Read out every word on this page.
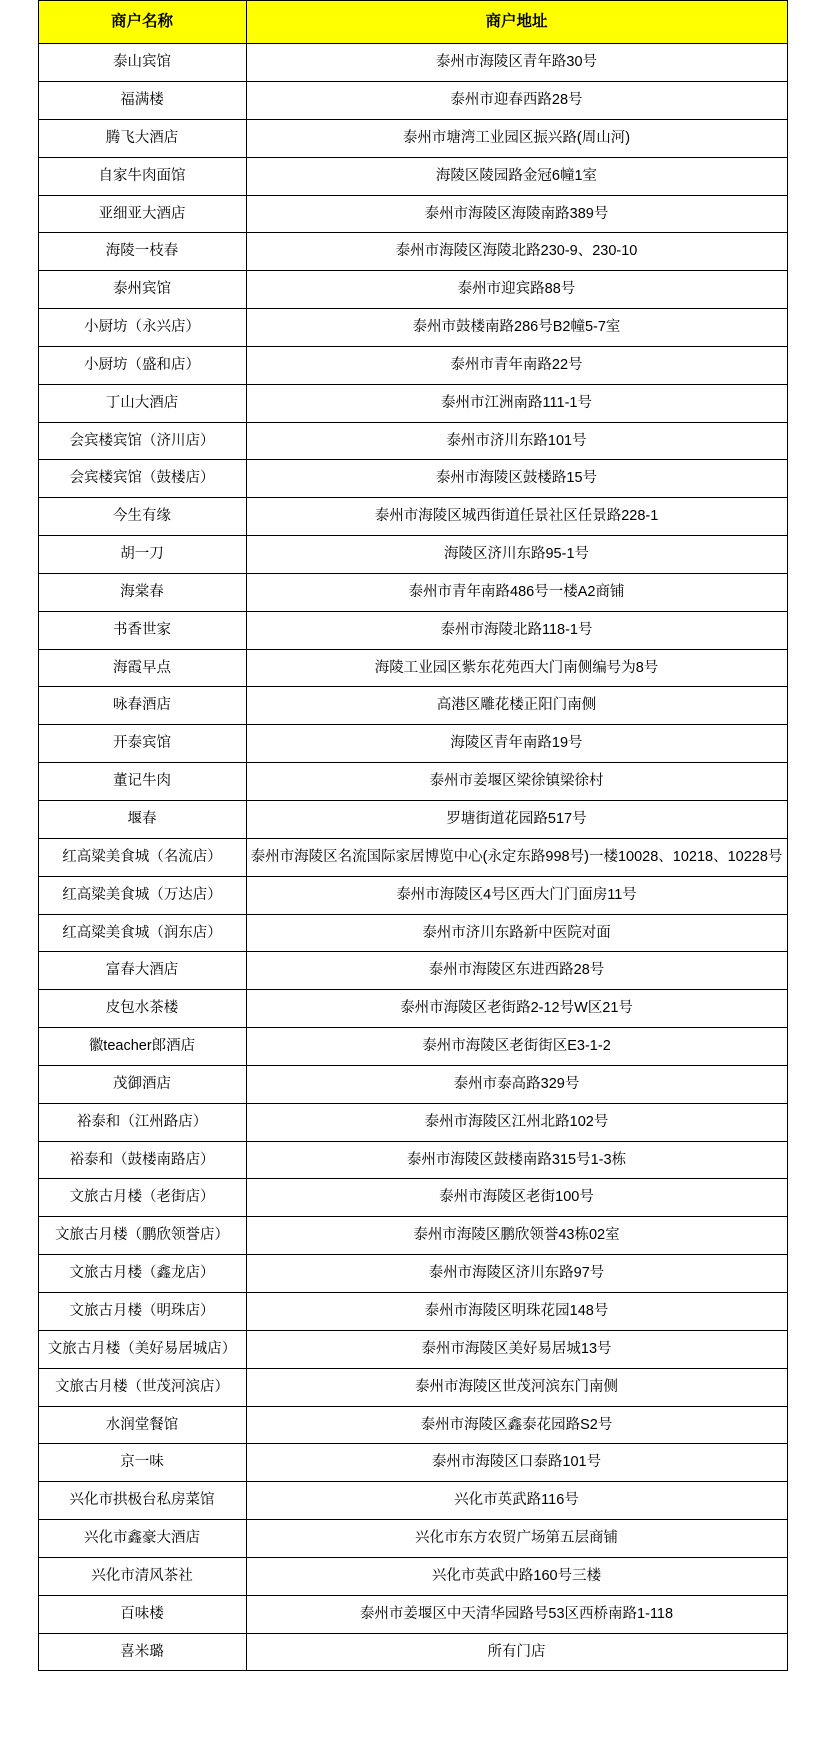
商户名称	商户地址
泰山宾馆	泰州市海陵区青年路30号
福满楼	泰州市迎春西路28号
腾飞大酒店	泰州市塘湾工业园区振兴路(周山河)
自家牛肉面馆	海陵区陵园路金冠6幢1室
亚细亚大酒店	泰州市海陵区海陵南路389号
海陵一枝春	泰州市海陵区海陵北路230-9、230-10
泰州宾馆	泰州市迎宾路88号
小厨坊（永兴店）	泰州市鼓楼南路286号B2幢5-7室
小厨坊（盛和店）	泰州市青年南路22号
丁山大酒店	泰州市江洲南路111-1号
会宾楼宾馆（济川店）	泰州市济川东路101号
会宾楼宾馆（鼓楼店）	泰州市海陵区鼓楼路15号
今生有缘	泰州市海陵区城西街道任景社区任景路228-1
胡一刀	海陵区济川东路95-1号
海棠春	泰州市青年南路486号一楼A2商铺
书香世家	泰州市海陵北路118-1号
海霞早点	海陵工业园区紫东花苑西大门南侧编号为8号
咏春酒店	高港区雕花楼正阳门南侧
开泰宾馆	海陵区青年南路19号
董记牛肉	泰州市姜堰区梁徐镇梁徐村
堰春	罗塘街道花园路517号
红高粱美食城（名流店）	泰州市海陵区名流国际家居博览中心(永定东路998号)一楼10028、10218、10228号
红高粱美食城（万达店）	泰州市海陵区4号区西大门门面房11号
红高粱美食城（润东店）	泰州市济川东路新中医院对面
富春大酒店	泰州市海陵区东进西路28号
皮包水茶楼	泰州市海陵区老街路2-12号W区21号
徽teacher郎酒店	泰州市海陵区老街街区E3-1-2
茂御酒店	泰州市泰高路329号
裕泰和（江州路店）	泰州市海陵区江州北路102号
裕泰和（鼓楼南路店）	泰州市海陵区鼓楼南路315号1-3栋
文旅古月楼（老街店）	泰州市海陵区老街100号
文旅古月楼（鹏欣领誉店）	泰州市海陵区鹏欣领誉43栋02室
文旅古月楼（鑫龙店）	泰州市海陵区济川东路97号
文旅古月楼（明珠店）	泰州市海陵区明珠花园148号
文旅古月楼（美好易居城店）	泰州市海陵区美好易居城13号
文旅古月楼（世茂河滨店）	泰州市海陵区世茂河滨东门南侧
水润堂餐馆	泰州市海陵区鑫泰花园路S2号
京一味	泰州市海陵区口泰路101号
兴化市拱极台私房菜馆	兴化市英武路116号
兴化市鑫豪大酒店	兴化市东方农贸广场第五层商铺
兴化市清风茶社	兴化市英武中路160号三楼
百味楼	泰州市姜堰区中天清华园路号53区西桥南路1-118
喜米璐	所有门店
